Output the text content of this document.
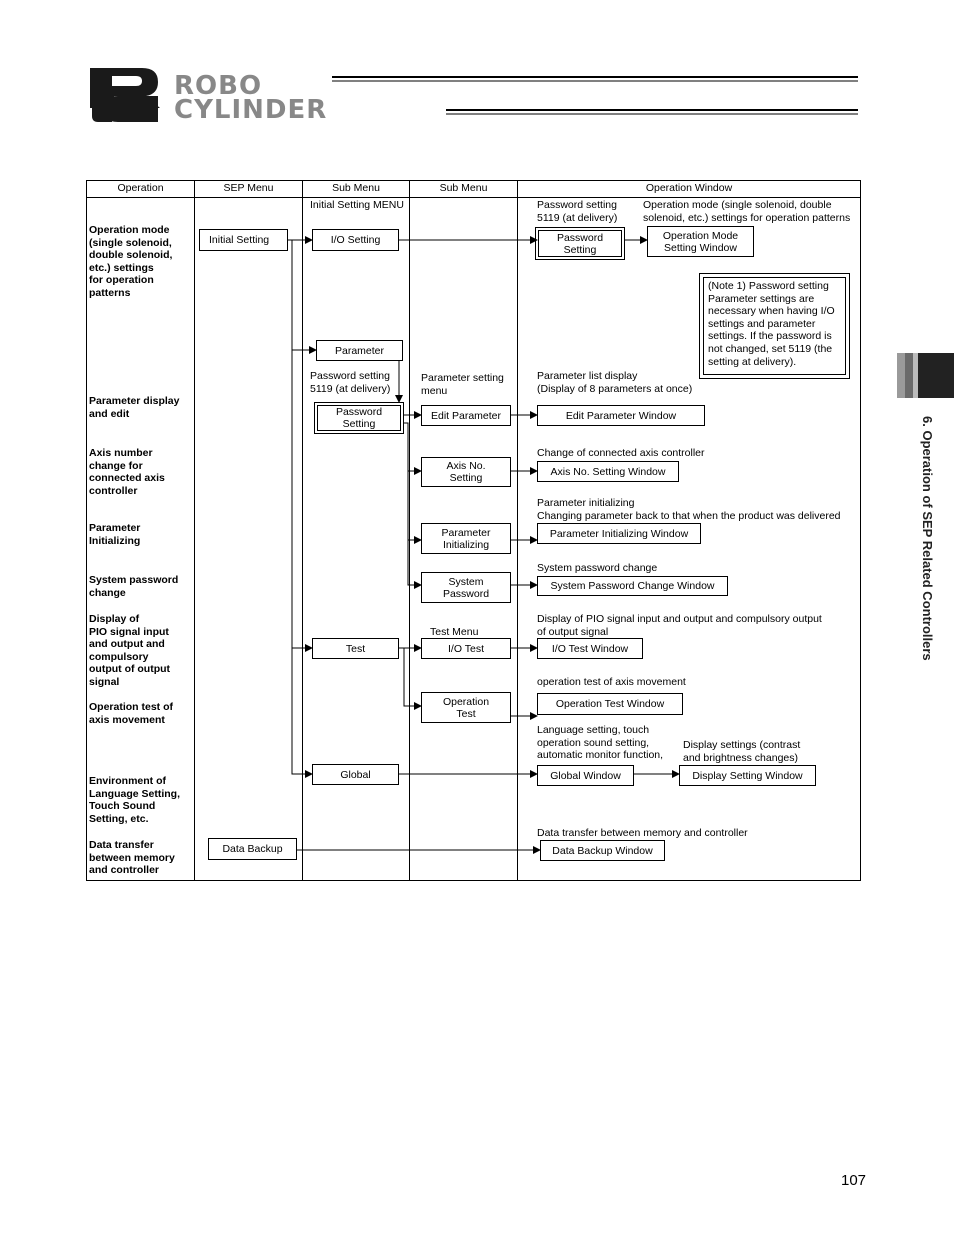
ROBO
CYLINDER
Operation	SEP Menu	Sub Menu	Sub Menu	Operation Window
Operation mode
(single solenoid,
double solenoid,
etc.) settings
for operation
patterns
Parameter display
and edit
Axis number
change for
connected axis
controller
Parameter
Initializing
System password
change
Display of
PIO signal input
and output and
compulsory
output of output
signal
Operation test of
axis movement
Environment of
Language Setting,
Touch Sound
Setting, etc.
Data transfer
between memory
and controller
Initial Setting
Data Backup
Initial Setting MENU
I/O Setting
Parameter
Password setting
5119 (at delivery)
Password
Setting
Test
Global
Parameter setting
menu
Edit Parameter
Axis No.
Setting
Parameter
Initializing
System
Password
Test Menu
I/O Test
Operation
Test
Password setting
5119 (at delivery)
Operation mode (single solenoid, double
solenoid, etc.) settings for operation patterns
Password
Setting
Operation Mode
Setting Window
(Note 1) Password setting
Parameter settings are
necessary when having I/O
settings and parameter
settings. If the password is
not changed, set 5119 (the
setting at delivery).
Parameter list display
(Display of 8 parameters at once)
Edit Parameter Window
Change of connected axis controller
Axis No. Setting Window
Parameter initializing
Changing parameter back to that when the product was delivered
Parameter Initializing Window
System password change
System Password Change Window
Display of PIO signal input and output and compulsory output
of output signal
I/O Test Window
operation test of axis movement
Operation Test Window
Language setting, touch
operation sound setting,
automatic monitor function,
Display settings (contrast
and brightness changes)
Global Window	Display Setting Window
Data transfer between memory and controller
Data Backup Window
6. Operation of SEP Related Controllers
107
